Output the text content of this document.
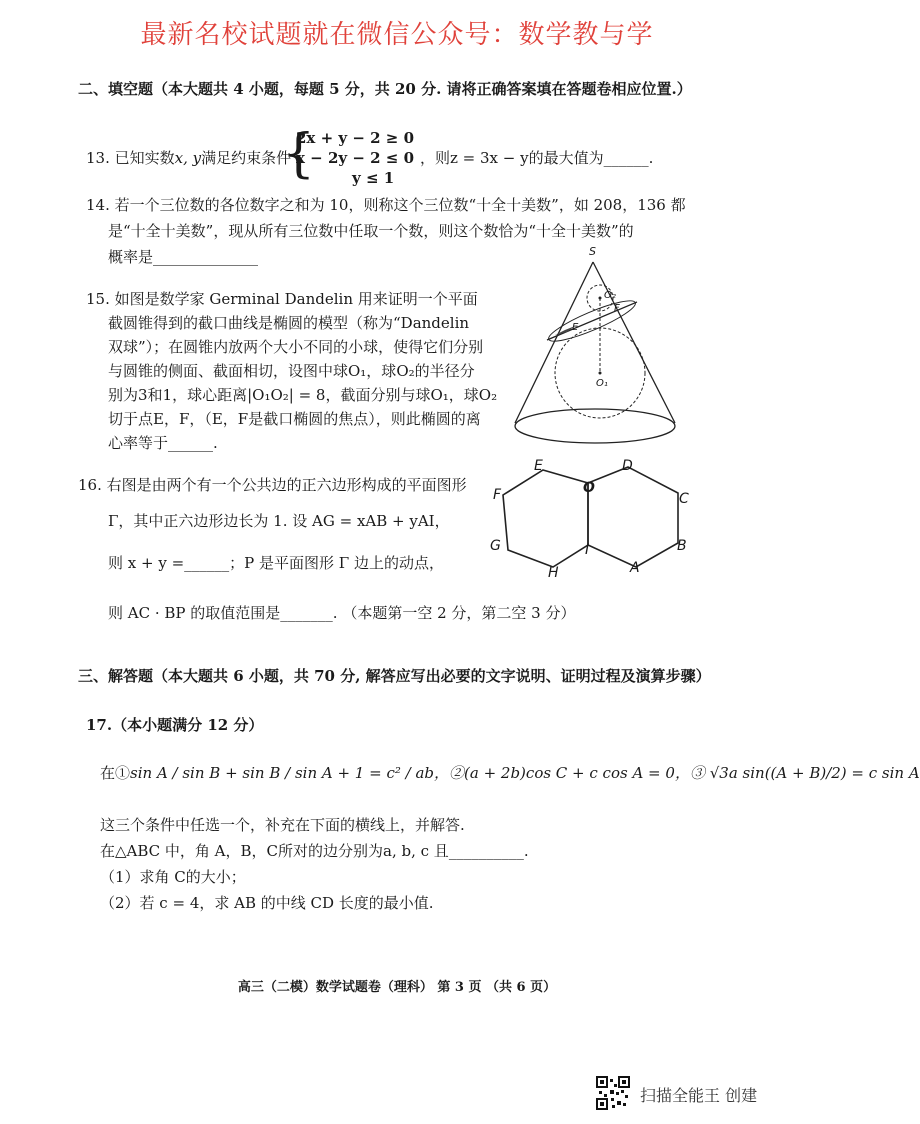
最新名校试题就在微信公众号：数学教与学
二、填空题（本大题共 4 小题，每题 5 分，共 20 分. 请将正确答案填在答题卷相应位置.）
13. 已知实数x, y满足约束条件
{
2x + y − 2 ≥ 0
x − 2y − 2 ≤ 0
y ≤ 1
，则z = 3x − y的最大值为______.
14. 若一个三位数的各位数字之和为 10，则称这个三位数“十全十美数”，如 208，136 都
是“十全十美数”，现从所有三位数中任取一个数，则这个数恰为“十全十美数”的
概率是______________
15. 如图是数学家 Germinal Dandelin 用来证明一个平面
截圆锥得到的截口曲线是椭圆的模型（称为“Dandelin
双球”）；在圆锥内放两个大小不同的小球，使得它们分别
与圆锥的侧面、截面相切，设图中球O₁，球O₂的半径分
别为3和1，球心距离|O₁O₂| = 8，截面分别与球O₁，球O₂
切于点E，F，（E，F是截口椭圆的焦点），则此椭圆的离
心率等于______.
S
O₂
F
E
O₁
16. 右图是由两个有一个公共边的正六边形构成的平面图形
Γ，其中正六边形边长为 1. 设 AG = xAB + yAI，
则 x + y =______；P 是平面图形 Γ 边上的动点，
则 AC · BP 的取值范围是_______. （本题第一空 2 分，第二空 3 分）
E
O
D
F	C
G	I	B
H	A
三、解答题（本大题共 6 小题，共 70 分, 解答应写出必要的文字说明、证明过程及演算步骤）
17.（本小题满分 12 分）
在①sin A / sin B + sin B / sin A + 1 = c² / ab，②(a + 2b)cos C + c cos A = 0，③ √3a sin((A + B)/2) = c sin A
这三个条件中任选一个，补充在下面的横线上，并解答.
在△ABC 中，角 A，B，C所对的边分别为a, b, c 且__________.
（1）求角 C的大小；
（2）若 c = 4，求 AB 的中线 CD 长度的最小值.
高三（二模）数学试题卷（理科） 第 3 页 （共 6 页）
扫描全能王 创建
